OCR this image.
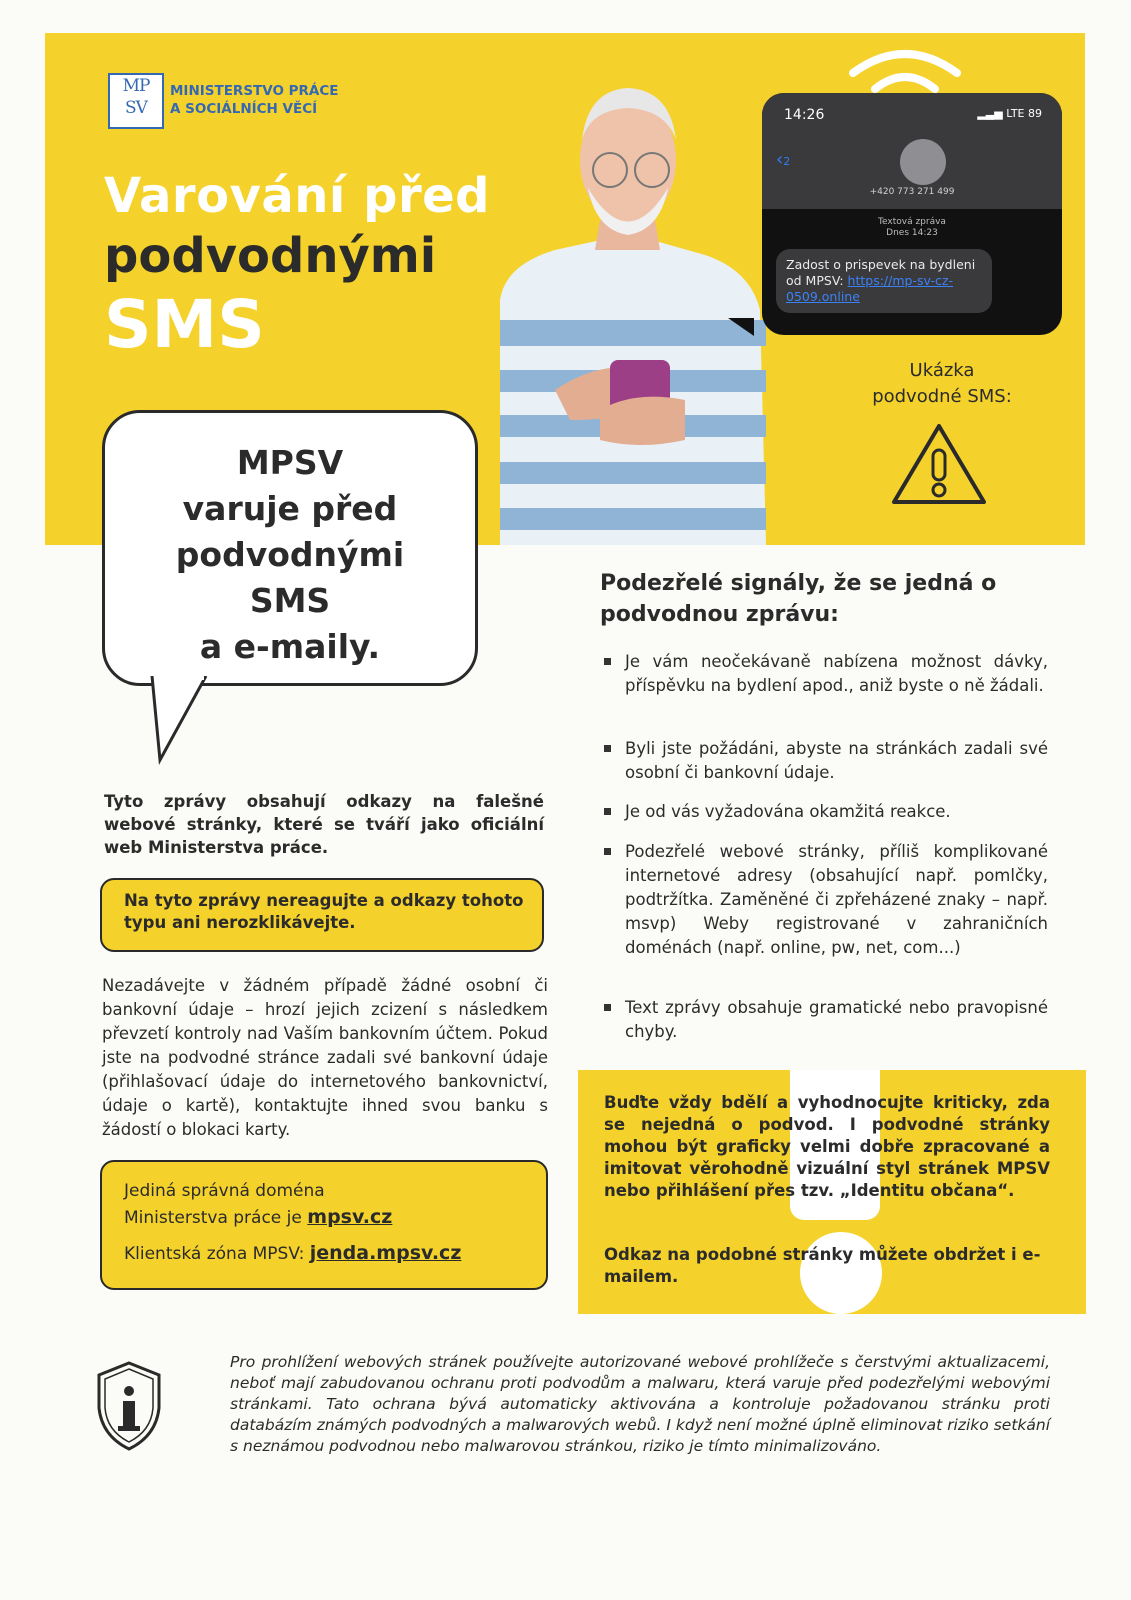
MP
SV
MINISTERSTVO PRÁCE
A SOCIÁLNÍCH VĚCÍ
Varování před
podvodnými
SMS
14:26	▂▃▅ LTE 89
‹2
+420 773 271 499
Textová zpráva
Dnes 14:23
Zadost o prispevek na bydleni od MPSV: https://mp-sv-cz-0509.online
Ukázka
podvodné SMS:
MPSV
varuje před
podvodnými
SMS
a e-maily.
Tyto zprávy obsahují odkazy na falešné webové stránky, které se tváří jako oficiální web Ministerstva práce.
Na tyto zprávy nereagujte a odkazy tohoto typu ani nerozklikávejte.
Nezadávejte v žádném případě žádné osobní či bankovní údaje – hrozí jejich zcizení s následkem převzetí kontroly nad Vaším bankovním účtem. Pokud jste na podvodné stránce zadali své bankovní údaje (přihlašovací údaje do internetového bankovnictví, údaje o kartě), kontaktujte ihned svou banku s žádostí o blokaci karty.
Jediná správná doména
Ministerstva práce je mpsv.cz
Klientská zóna MPSV: jenda.mpsv.cz
Podezřelé signály, že se jedná o podvodnou zprávu:
Je vám neočekávaně nabízena možnost dávky, příspěvku na bydlení apod., aniž byste o ně žádali.
Byli jste požádáni, abyste na stránkách zadali své osobní či bankovní údaje.
Je od vás vyžadována okamžitá reakce.
Podezřelé webové stránky, příliš komplikované internetové adresy (obsahující např. pomlčky, podtržítka. Zaměněné či zpřeházené znaky – např. msvp) Weby registrované v zahraničních doménách (např. online, pw, net, com...)
Text zprávy obsahuje gramatické nebo pravopisné chyby.
Buďte vždy bdělí a vyhodnocujte kriticky, zda se nejedná o podvod. I podvodné stránky mohou být graficky velmi dobře zpracované a imitovat věrohodně vizuální styl stránek MPSV nebo přihlášení přes tzv. „Identitu občana“.
Odkaz na podobné stránky můžete obdržet i e-mailem.
Pro prohlížení webových stránek používejte autorizované webové prohlížeče s čerstvými aktualizacemi, neboť mají zabudovanou ochranu proti podvodům a malwaru, která varuje před podezřelými webovými stránkami. Tato ochrana bývá automaticky aktivována a kontroluje požadovanou stránku proti databázím známých podvodných a malwarových webů. I když není možné úplně eliminovat riziko setkání s neznámou podvodnou nebo malwarovou stránkou, riziko je tímto minimalizováno.
